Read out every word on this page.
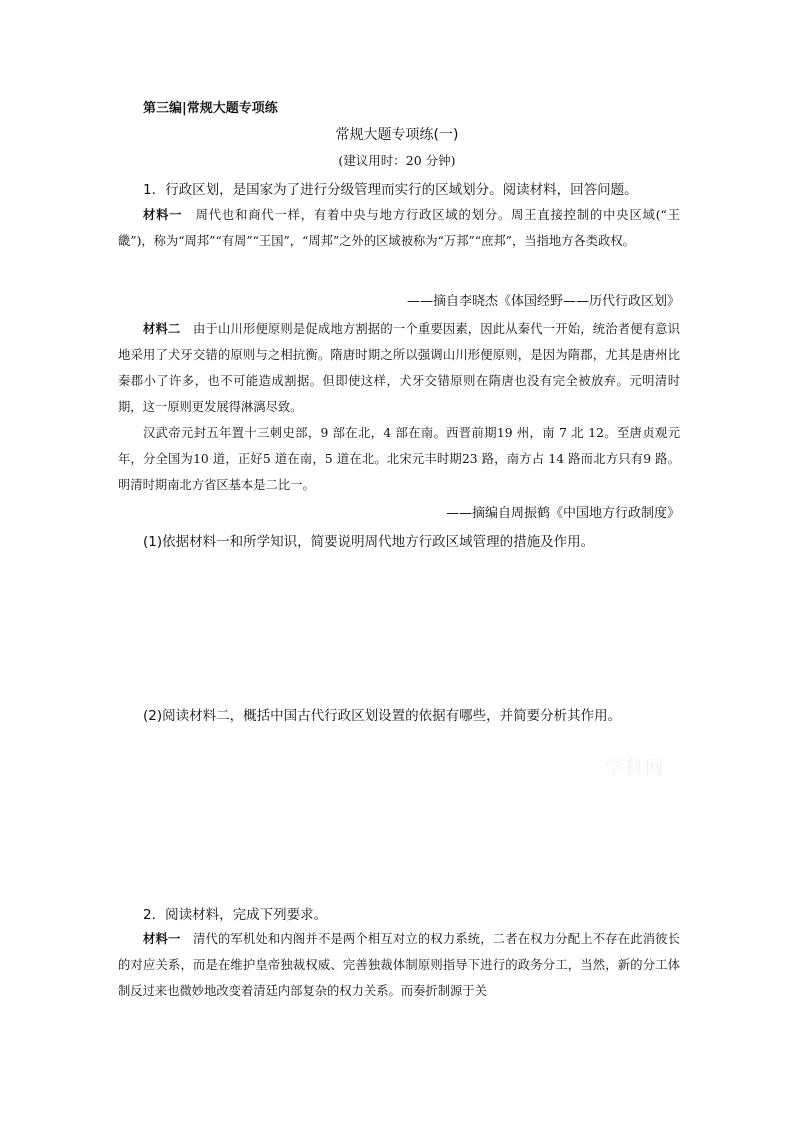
第三编|常规大题专项练
常规大题专项练(一)
(建议用时：20 分钟)
1．行政区划，是国家为了进行分级管理而实行的区域划分。阅读材料，回答问题。
材料一　 周代也和商代一样，有着中央与地方行政区域的划分。周王直接控制的中央区域(“王畿”)，称为“周邦”“有周”“王国”，“周邦”之外的区域被称为“万邦”“庶邦”，当指地方各类政权。
——摘自李晓杰《体国经野——历代行政区划》
材料二　 由于山川形便原则是促成地方割据的一个重要因素，因此从秦代一开始，统治者便有意识地采用了犬牙交错的原则与之相抗衡。隋唐时期之所以强调山川形便原则，是因为隋郡，尤其是唐州比秦郡小了许多，也不可能造成割据。但即使这样，犬牙交错原则在隋唐也没有完全被放弃。元明清时期，这一原则更发展得淋漓尽致。
汉武帝元封五年置十三刺史部，9 部在北，4 部在南。西晋前期19 州，南 7 北 12。至唐贞观元年，分全国为10 道，正好5 道在南，5 道在北。北宋元丰时期23 路，南方占 14 路而北方只有9 路。明清时期南北方省区基本是二比一。
——摘编自周振鹤《中国地方行政制度》
(1)依据材料一和所学知识，简要说明周代地方行政区域管理的措施及作用。
(2)阅读材料二，概括中国古代行政区划设置的依据有哪些，并简要分析其作用。
学科网
2．阅读材料，完成下列要求。
材料一　 清代的军机处和内阁并不是两个相互对立的权力系统，二者在权力分配上不存在此消彼长的对应关系，而是在维护皇帝独裁权威、完善独裁体制原则指导下进行的政务分工，当然，新的分工体制反过来也微妙地改变着清廷内部复杂的权力关系。而奏折制源于关
